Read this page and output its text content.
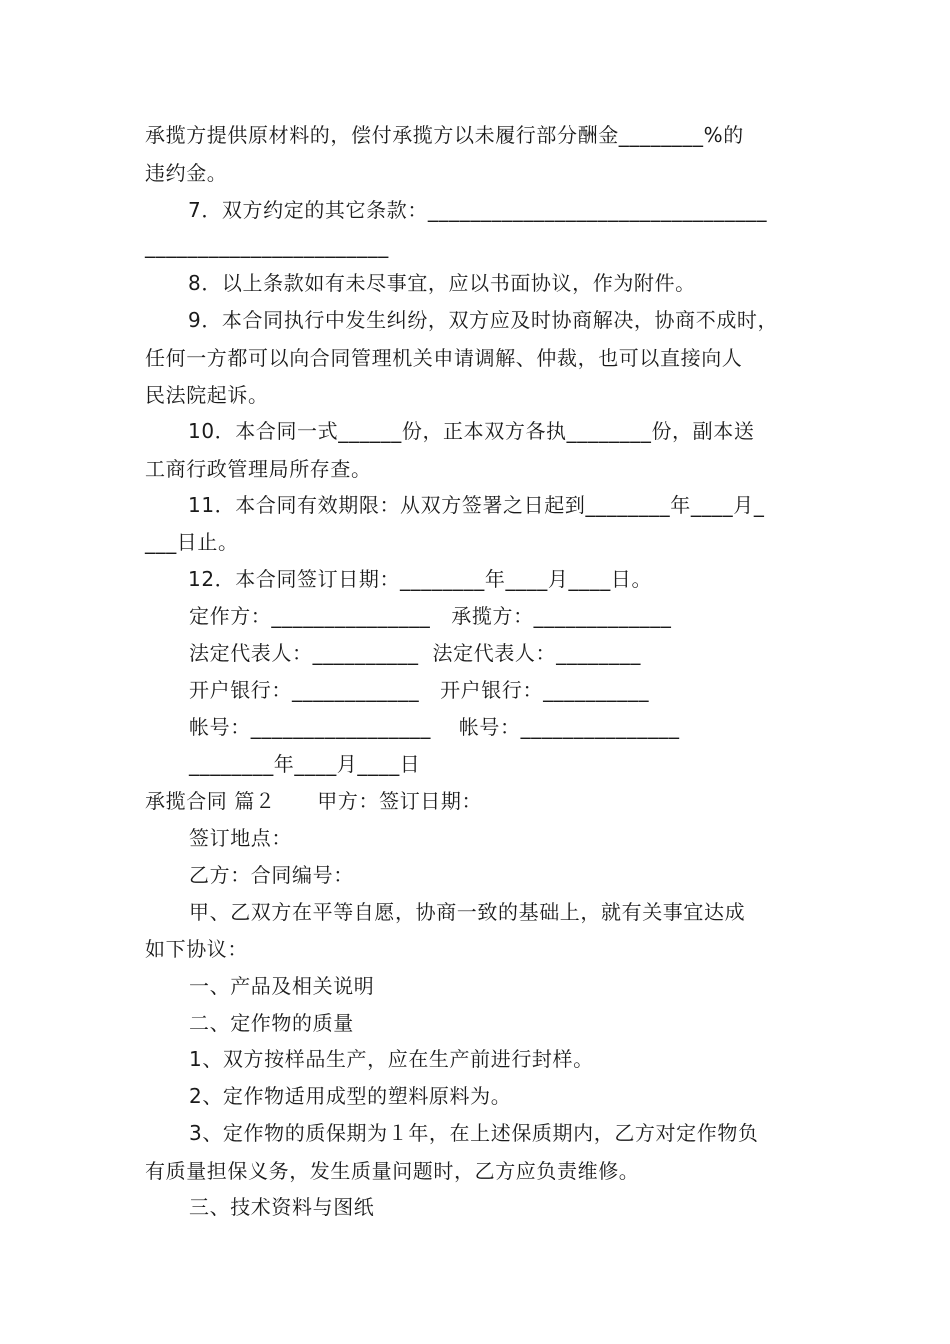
承揽方提供原材料的，偿付承揽方以未履行部分酬金________%的
违约金。
7．双方约定的其它条款：________________________________
_______________________
8．以上条款如有未尽事宜，应以书面协议，作为附件。
9．本合同执行中发生纠纷，双方应及时协商解决，协商不成时，
任何一方都可以向合同管理机关申请调解、仲裁，也可以直接向人
民法院起诉。
10．本合同一式______份，正本双方各执________份，副本送
工商行政管理局所存查。
11．本合同有效期限：从双方签署之日起到________年____月_
___日止。
12．本合同签订日期：________年____月____日。
定作方：_______________   承揽方：_____________
法定代表人：__________  法定代表人：________
开户银行：____________   开户银行：__________
帐号：_________________    帐号：_______________
________年____月____日
承揽合同 篇２      甲方：签订日期：
签订地点：
乙方：合同编号：
甲、乙双方在平等自愿，协商一致的基础上，就有关事宜达成
如下协议：
一、产品及相关说明
二、定作物的质量
1、双方按样品生产，应在生产前进行封样。
2、定作物适用成型的塑料原料为。
3、定作物的质保期为１年，在上述保质期内，乙方对定作物负
有质量担保义务，发生质量问题时，乙方应负责维修。
三、技术资料与图纸
